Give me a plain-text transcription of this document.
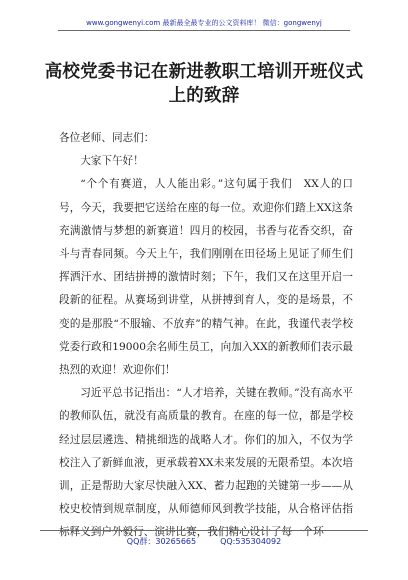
www.gongwenyi.com 最新最全最专业的公文资料库！ 微信：gongwenyj
高校党委书记在新进教职工培训开班仪式
上的致辞

各位老师、同志们：

大家下午好！

“个个有赛道，人人能出彩。”这句属于我们　XX人的口号，今天，我要把它送给在座的每一位。欢迎你们踏上XX这条充满激情与梦想的新赛道！四月的校园，书香与花香交织，奋斗与青春同频。今天上午，我们刚刚在田径场上见证了师生们挥洒汗水、团结拼搏的激情时刻；下午，我们又在这里开启一段新的征程。从赛场到讲堂，从拼搏到育人，变的是场景，不变的是那股“不服输、不放弃”的精气神。在此，我谨代表学校党委行政和19000余名师生员工，向加入XX的新教师们表示最热烈的欢迎！欢迎你们！

习近平总书记指出：“人才培养，关键在教师。”没有高水平的教师队伍，就没有高质量的教育。在座的每一位，都是学校经过层层遴选、精挑细选的战略人才。你们的加入，不仅为学校注入了新鲜血液，更承载着XX未来发展的无限希望。本次培训，正是帮助大家尽快融入XX、蓄力起跑的关键第一步——从校史校情到规章制度，从师德师风到教学技能，从合格评估指标释义到户外毅行、演讲比赛，我们精心设计了每一个环

QQ群：30265665　　　QQ:535304092
